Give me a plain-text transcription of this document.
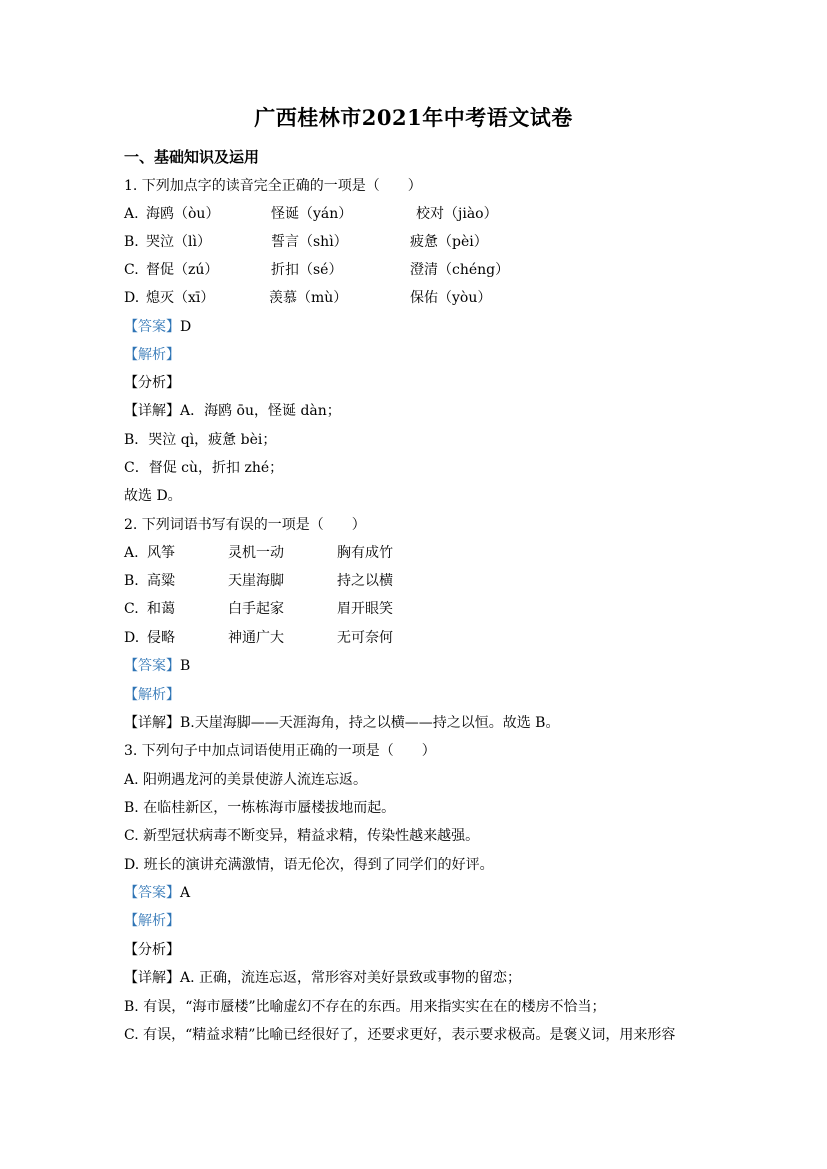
广西桂林市2021年中考语文试卷
一、基础知识及运用
1. 下列加点字的读音完全正确的一项是（　　）
A. 海鸥（òu）	怪诞（yán）	校对（jiào）
B. 哭泣（lì）	誓言（shì）	疲惫（pèi）
C. 督促（zú）	折扣（sé）	澄清（chéng）
D. 熄灭（xī）	羡慕（mù）	保佑（yòu）
【答案】D
【解析】
【分析】
【详解】A．海鸥 ōu，怪诞 dàn；
B．哭泣 qì，疲惫 bèi；
C．督促 cù，折扣 zhé；
故选 D。
2. 下列词语书写有误的一项是（　　）
A. 风筝	灵机一动	胸有成竹
B. 高粱	天崖海脚	持之以横
C. 和蔼	白手起家	眉开眼笑
D. 侵略	神通广大	无可奈何
【答案】B
【解析】
【详解】B.天崖海脚——天涯海角，持之以横——持之以恒。故选 B。
3. 下列句子中加点词语使用正确的一项是（　　）
A. 阳朔遇龙河的美景使游人流连忘返。
B. 在临桂新区，一栋栋海市蜃楼拔地而起。
C. 新型冠状病毒不断变异，精益求精，传染性越来越强。
D. 班长的演讲充满激情，语无伦次，得到了同学们的好评。
【答案】A
【解析】
【分析】
【详解】A. 正确，流连忘返，常形容对美好景致或事物的留恋；
B. 有误，“海市蜃楼”比喻虚幻不存在的东西。用来指实实在在的楼房不恰当；
C. 有误，“精益求精”比喻已经很好了，还要求更好，表示要求极高。是褒义词，用来形容
